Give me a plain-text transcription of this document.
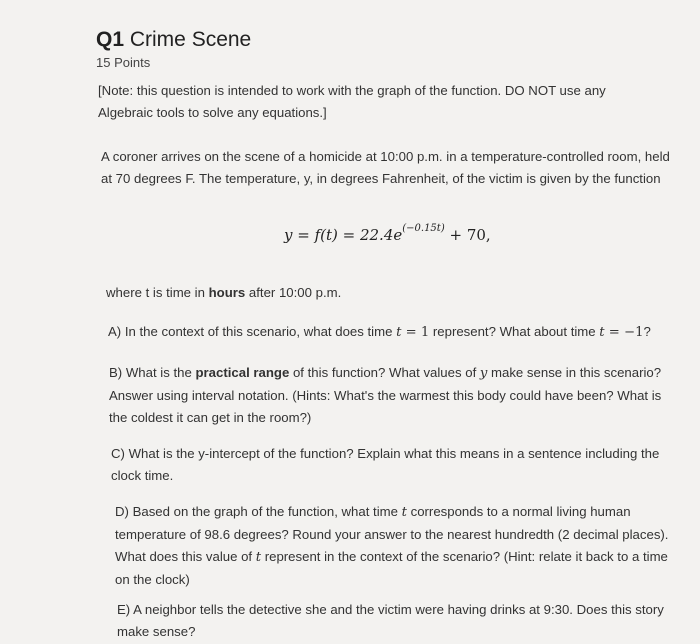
Q1 Crime Scene
15 Points
[Note: this question is intended to work with the graph of the function. DO NOT use any Algebraic tools to solve any equations.]
A coroner arrives on the scene of a homicide at 10:00 p.m. in a temperature-controlled room, held at 70 degrees F. The temperature, y, in degrees Fahrenheit, of the victim is given by the function
$y = f(t) = 22.4e^{(-0.15t)} + 70$,
where t is time in hours after 10:00 p.m.
A) In the context of this scenario, what does time t = 1 represent? What about time t = −1?
B) What is the practical range of this function? What values of y make sense in this scenario? Answer using interval notation. (Hints: What's the warmest this body could have been? What is the coldest it can get in the room?)
C) What is the y-intercept of the function? Explain what this means in a sentence including the clock time.
D) Based on the graph of the function, what time t corresponds to a normal living human temperature of 98.6 degrees? Round your answer to the nearest hundredth (2 decimal places). What does this value of t represent in the context of the scenario? (Hint: relate it back to a time on the clock)
E) A neighbor tells the detective she and the victim were having drinks at 9:30. Does this story make sense?
